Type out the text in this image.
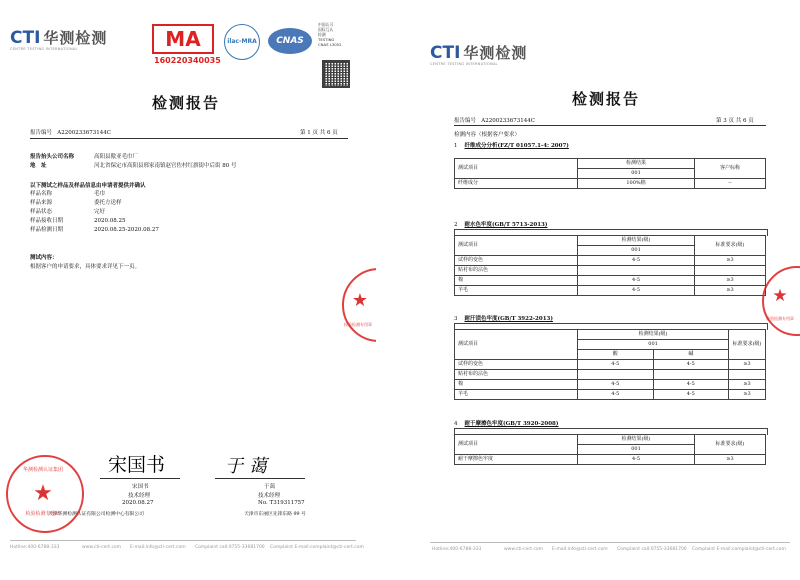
CTI 华测检测
CENTRE TESTING INTERNATIONAL	MA
160220340035
ilac-MRA	CNAS
中国认可
国际互认
检测
TESTING
CNAS L3052
检测报告
报告编号 A2200233673144C	第 1 页 共 6 页
报告抬头公司名称	高阳县傲亚毛巾厂
地　址	河北省保定市高阳县邢家南镇赵官佐村红旗街中后街 80 号
以下测试之样品及样品信息由申请者提供并确认
样品名称	毛巾
样品来源	委托方送样
样品状态	完好
样品接收日期	2020.08.25
样品检测日期	2020.08.25-2020.08.27
测试内容：
根据客户的申请要求，具体要求详见下一页。
宋国书	于 蔼
宋国书
技术经理
2020.08.27
于蔼
技术经理
No. T319311757
天津华测检测认证有限公司检测中心有限公司	天津市东丽区先锋东路 99 号
华测检测认证集团
★
检验检测专用章
★
检验检测专用章
Hotline:400-6788-333	www.cti-cert.com E-mail:info@cti-cert.com Complaint call:0755-33681700 Complaint E-mail:complaint@cti-cert.com
CTI 华测检测
CENTRE TESTING INTERNATIONAL
检测报告
报告编号 A2200233673144C	第 3 页 共 6 页
检测内容（根据客户要求）
1 纤维成分分析(FZ/T 01057.1-4: 2007)
测试项目	检测结果	客户标称
	001	
纤维成分	100%棉	--
2 耐水色牢度(GB/T 5713-2013)
测试项目	检测结果(级)	标准要求(级)
	001	
试样的变色	4-5	≥3
贴衬布的沾色		
棉	4-5	≥3
羊毛	4-5	≥3
3 耐汗渍色牢度(GB/T 3922-2013)
测试项目	检测结果(级)		标准要求(级)
	001		
	酸	碱	
试样的变色	4-5	4-5	≥3
贴衬布的沾色			
棉	4-5	4-5	≥3
羊毛	4-5	4-5	≥3
4 耐干摩擦色牢度(GB/T 3920-2008)
测试项目	检测结果(级)	标准要求(级)
	001	
耐干摩擦色牢度	4-5	≥3
★
检验检测专用章
Hotline:400-6788-333	www.cti-cert.com E-mail:info@cti-cert.com Complaint call:0755-33681700 Complaint E-mail:complaint@cti-cert.com
